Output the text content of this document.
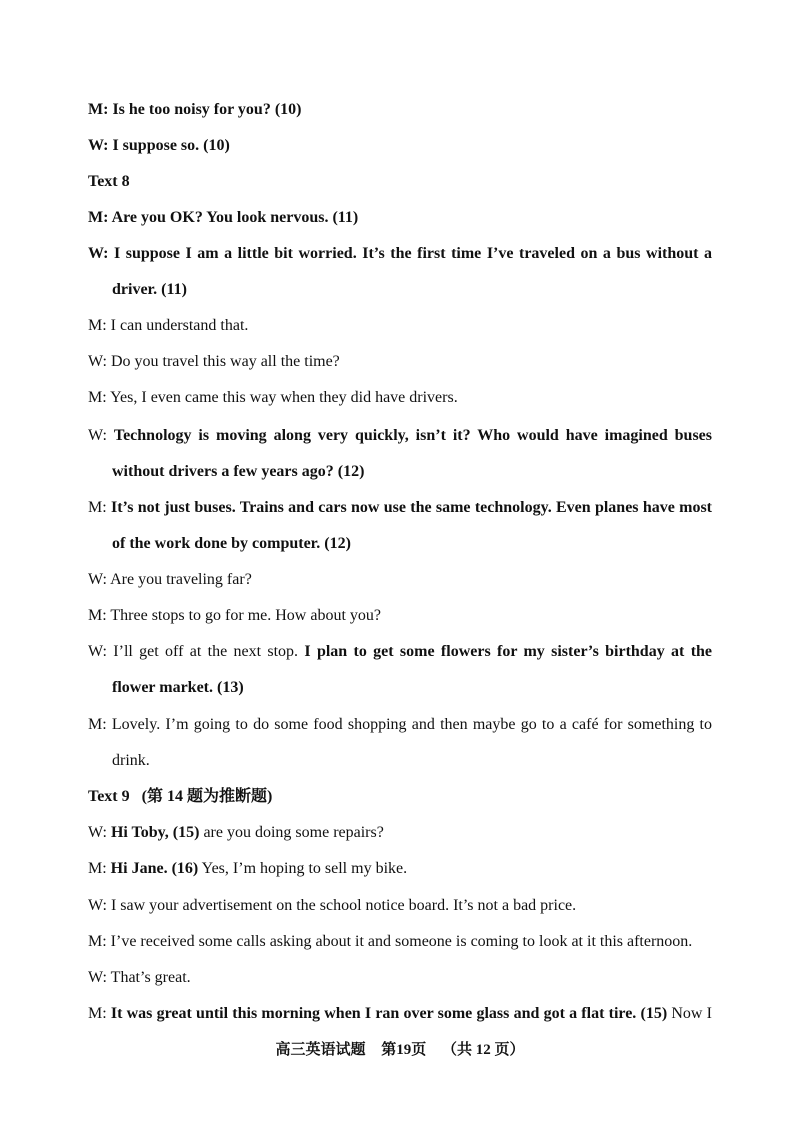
M: Is he too noisy for you? (10)
W: I suppose so. (10)
Text 8
M: Are you OK? You look nervous. (11)
W: I suppose I am a little bit worried. It’s the first time I’ve traveled on a bus without a
driver. (11)
M: I can understand that.
W: Do you travel this way all the time?
M: Yes, I even came this way when they did have drivers.
W: Technology is moving along very quickly, isn’t it? Who would have imagined buses
without drivers a few years ago? (12)
M: It’s not just buses. Trains and cars now use the same technology. Even planes have most
of the work done by computer. (12)
W: Are you traveling far?
M: Three stops to go for me. How about you?
W: I’ll get off at the next stop. I plan to get some flowers for my sister’s birthday at the
flower market. (13)
M: Lovely. I’m going to do some food shopping and then maybe go to a café for something to
drink.
Text 9 (第 14 题为推断题)
W: Hi Toby, (15) are you doing some repairs?
M: Hi Jane. (16) Yes, I’m hoping to sell my bike.
W: I saw your advertisement on the school notice board. It’s not a bad price.
M: I’ve received some calls asking about it and someone is coming to look at it this afternoon.
W: That’s great.
M: It was great until this morning when I ran over some glass and got a flat tire. (15) Now I
高三英语试题 第19页 （共 12 页）
